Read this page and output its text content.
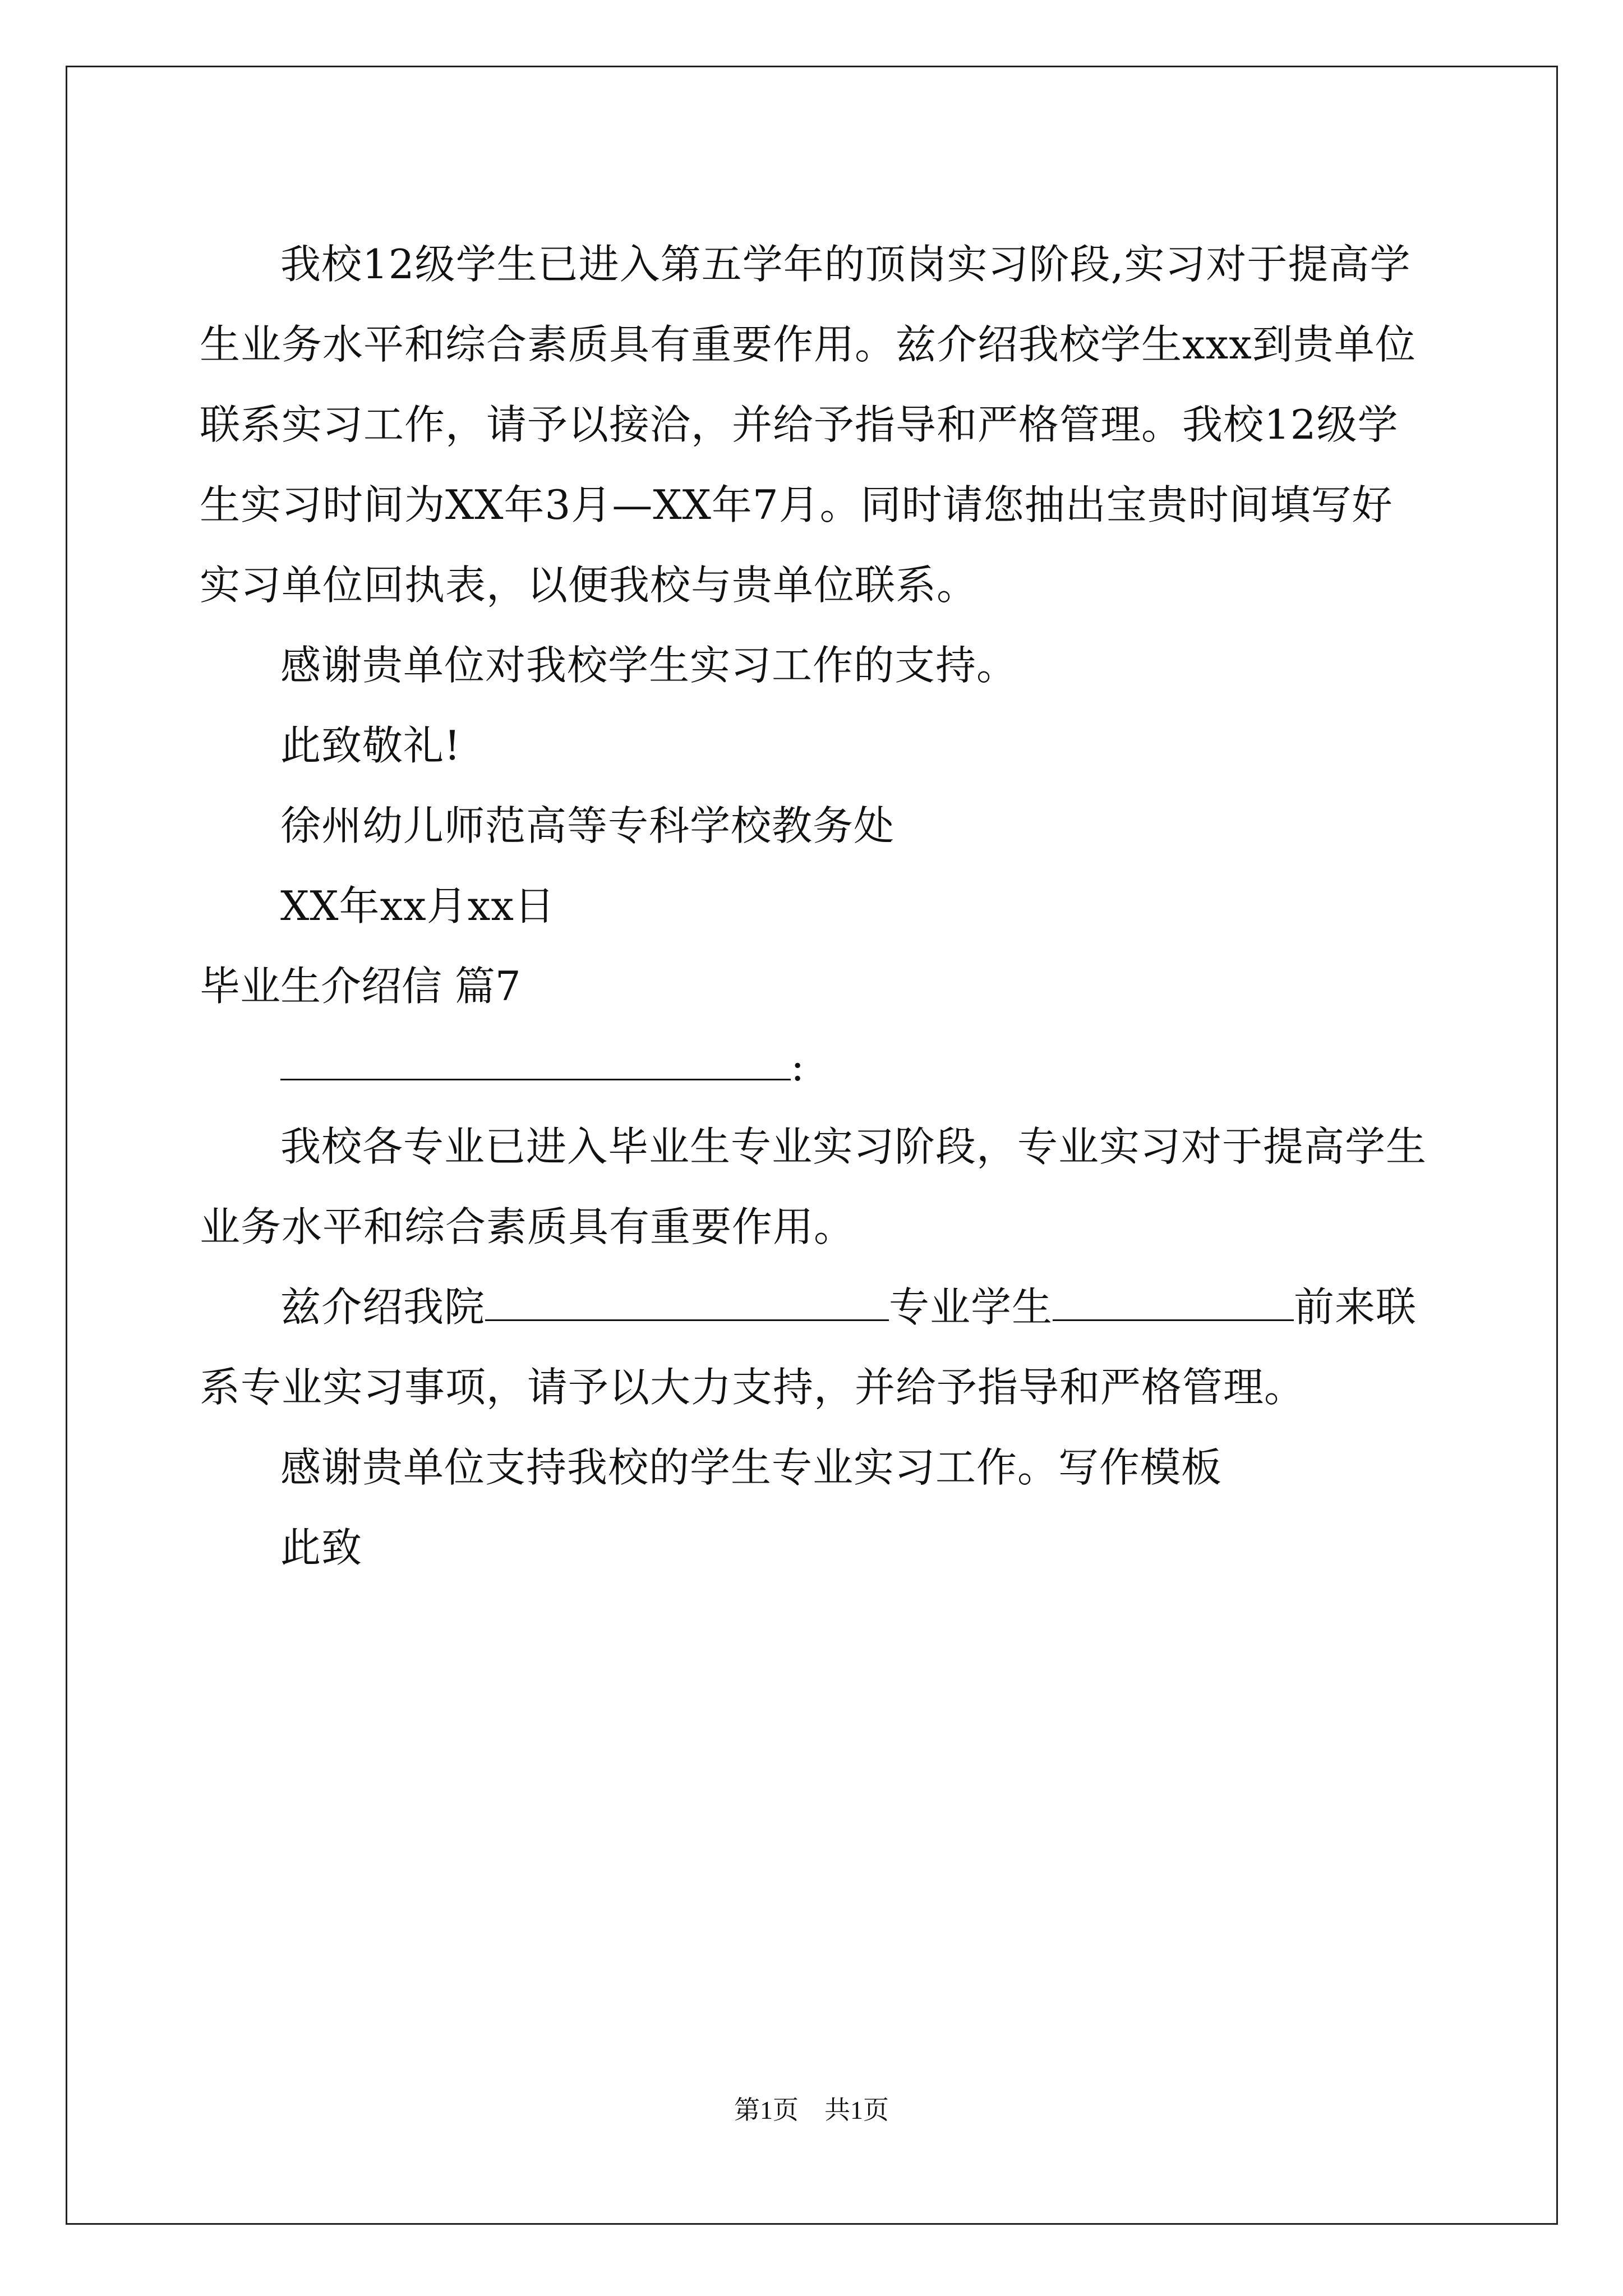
我校12级学生已进入第五学年的顶岗实习阶段,实习对于提高学生业务水平和综合素质具有重要作用。兹介绍我校学生xxx到贵单位联系实习工作，请予以接洽，并给予指导和严格管理。我校12级学生实习时间为XX年3月—XX年7月。同时请您抽出宝贵时间填写好实习单位回执表，以便我校与贵单位联系。

感谢贵单位对我校学生实习工作的支持。

此致敬礼!

徐州幼儿师范高等专科学校教务处

XX年xx月xx日

毕业生介绍信 篇7

:

我校各专业已进入毕业生专业实习阶段，专业实习对于提高学生业务水平和综合素质具有重要作用。

兹介绍我院	专业学生	前来联系专业实习事项，请予以大力支持，并给予指导和严格管理。

感谢贵单位支持我校的学生专业实习工作。写作模板

此致

第1页　共1页
